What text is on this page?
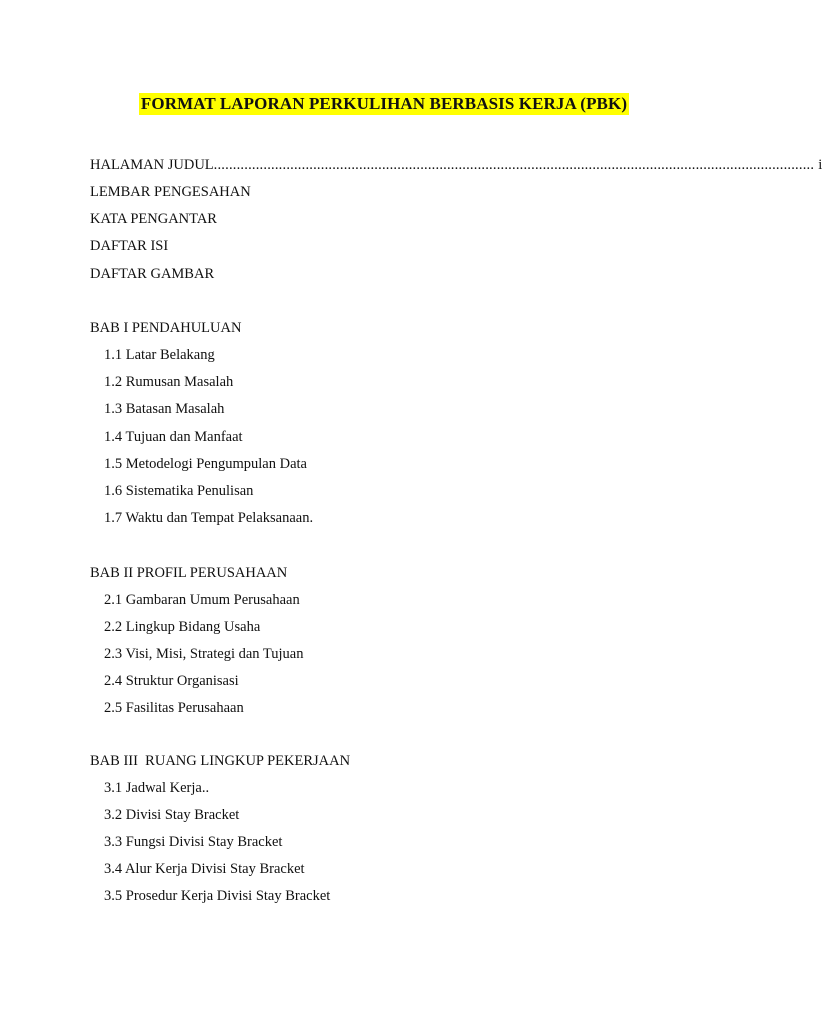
FORMAT LAPORAN PERKULIHAN BERBASIS KERJA (PBK)
HALAMAN JUDUL ............................................................................................................................................................. i
LEMBAR PENGESAHAN
KATA PENGANTAR
DAFTAR ISI
DAFTAR GAMBAR
BAB I PENDAHULUAN
1.1 Latar Belakang
1.2 Rumusan Masalah
1.3 Batasan Masalah
1.4 Tujuan dan Manfaat
1.5 Metodelogi Pengumpulan Data
1.6 Sistematika Penulisan
1.7 Waktu dan Tempat Pelaksanaan.
BAB II PROFIL PERUSAHAAN
2.1 Gambaran Umum Perusahaan
2.2 Lingkup Bidang Usaha
2.3 Visi, Misi, Strategi dan Tujuan
2.4 Struktur Organisasi
2.5 Fasilitas Perusahaan
BAB III  RUANG LINGKUP PEKERJAAN
3.1 Jadwal Kerja..
3.2 Divisi Stay Bracket
3.3 Fungsi Divisi Stay Bracket
3.4 Alur Kerja Divisi Stay Bracket
3.5 Prosedur Kerja Divisi Stay Bracket
